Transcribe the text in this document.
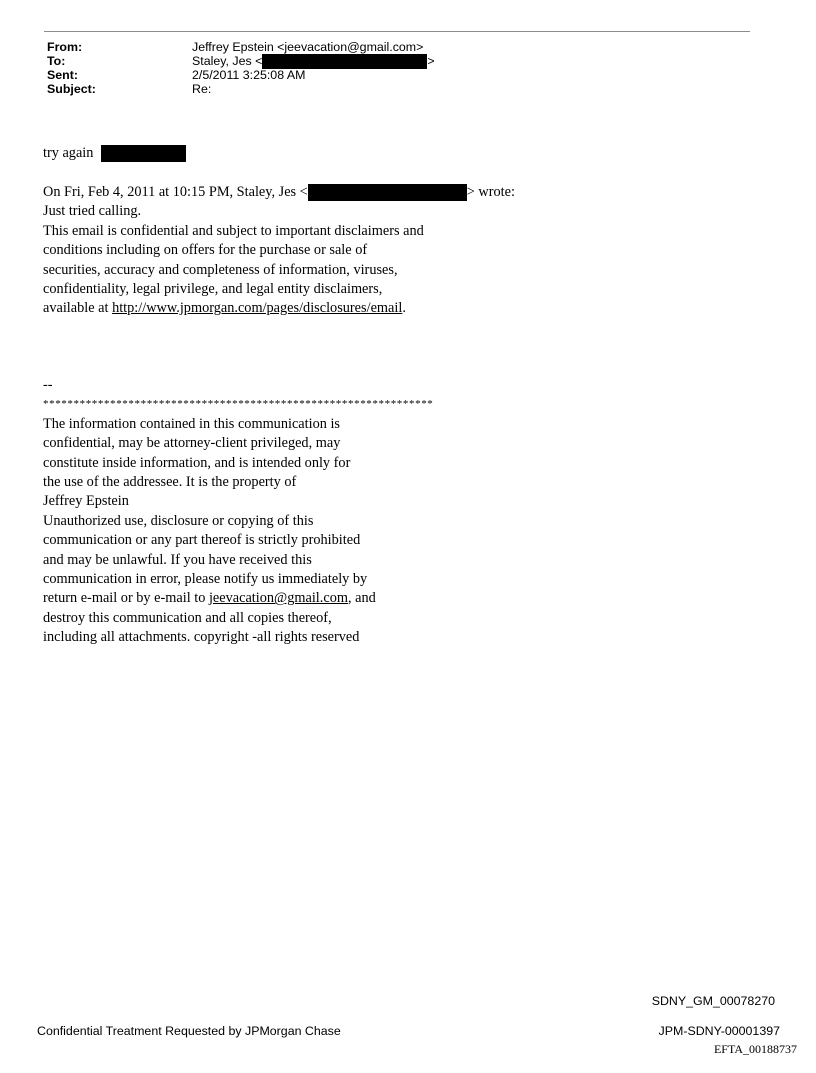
From:	Jeffrey Epstein <jeevacation@gmail.com>
To:	Staley, Jes <	>
Sent:	2/5/2011 3:25:08 AM
Subject:	Re:
try again
On Fri, Feb 4, 2011 at 10:15 PM, Staley, Jes <	> wrote:
Just tried calling.
This email is confidential and subject to important disclaimers and
conditions including on offers for the purchase or sale of
securities, accuracy and completeness of information, viruses,
confidentiality, legal privilege, and legal entity disclaimers,
available at http://www.jpmorgan.com/pages/disclosures/email.
--
****************************************************************
The information contained in this communication is
confidential, may be attorney-client privileged, may
constitute inside information, and is intended only for
the use of the addressee. It is the property of
Jeffrey Epstein
Unauthorized use, disclosure or copying of this
communication or any part thereof is strictly prohibited
and may be unlawful. If you have received this
communication in error, please notify us immediately by
return e-mail or by e-mail to jeevacation@gmail.com, and
destroy this communication and all copies thereof,
including all attachments. copyright -all rights reserved
Confidential Treatment Requested by JPMorgan Chase
SDNY_GM_00078270
JPM-SDNY-00001397
EFTA_00188737
